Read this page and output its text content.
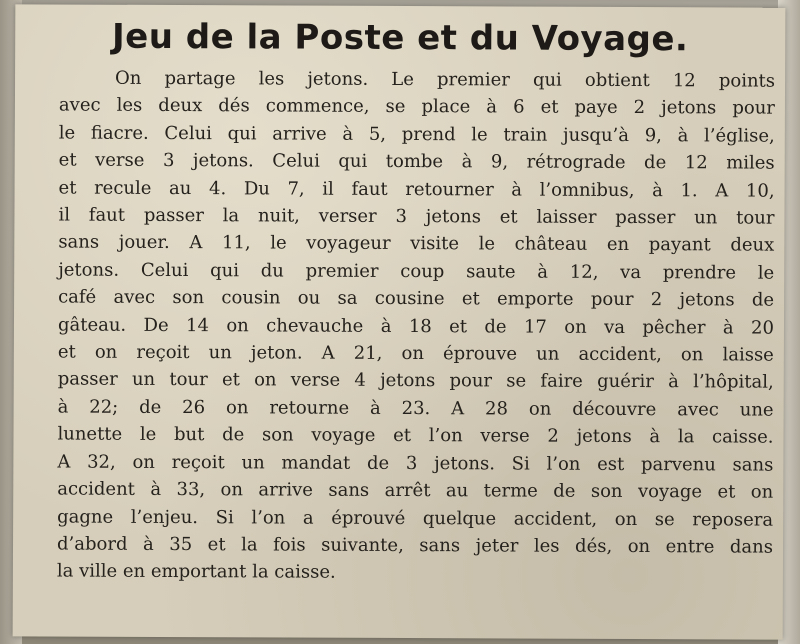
Jeu de la Poste et du Voyage.
On partage les jetons. Le premier qui obtient 12 points
avec les deux dés commence, se place à 6 et paye 2 jetons pour
le fiacre. Celui qui arrive à 5, prend le train jusqu’à 9, à l’église,
et verse 3 jetons. Celui qui tombe à 9, rétrograde de 12 miles
et recule au 4. Du 7, il faut retourner à l’omnibus, à 1. A 10,
il faut passer la nuit, verser 3 jetons et laisser passer un tour
sans jouer. A 11, le voyageur visite le château en payant deux
jetons. Celui qui du premier coup saute à 12, va prendre le
café avec son cousin ou sa cousine et emporte pour 2 jetons de
gâteau. De 14 on chevauche à 18 et de 17 on va pêcher à 20
et on reçoit un jeton. A 21, on éprouve un accident, on laisse
passer un tour et on verse 4 jetons pour se faire guérir à l’hôpital,
à 22; de 26 on retourne à 23. A 28 on découvre avec une
lunette le but de son voyage et l’on verse 2 jetons à la caisse.
A 32, on reçoit un mandat de 3 jetons. Si l’on est parvenu sans
accident à 33, on arrive sans arrêt au terme de son voyage et on
gagne l’enjeu. Si l’on a éprouvé quelque accident, on se reposera
d’abord à 35 et la fois suivante, sans jeter les dés, on entre dans
la ville en emportant la caisse.
